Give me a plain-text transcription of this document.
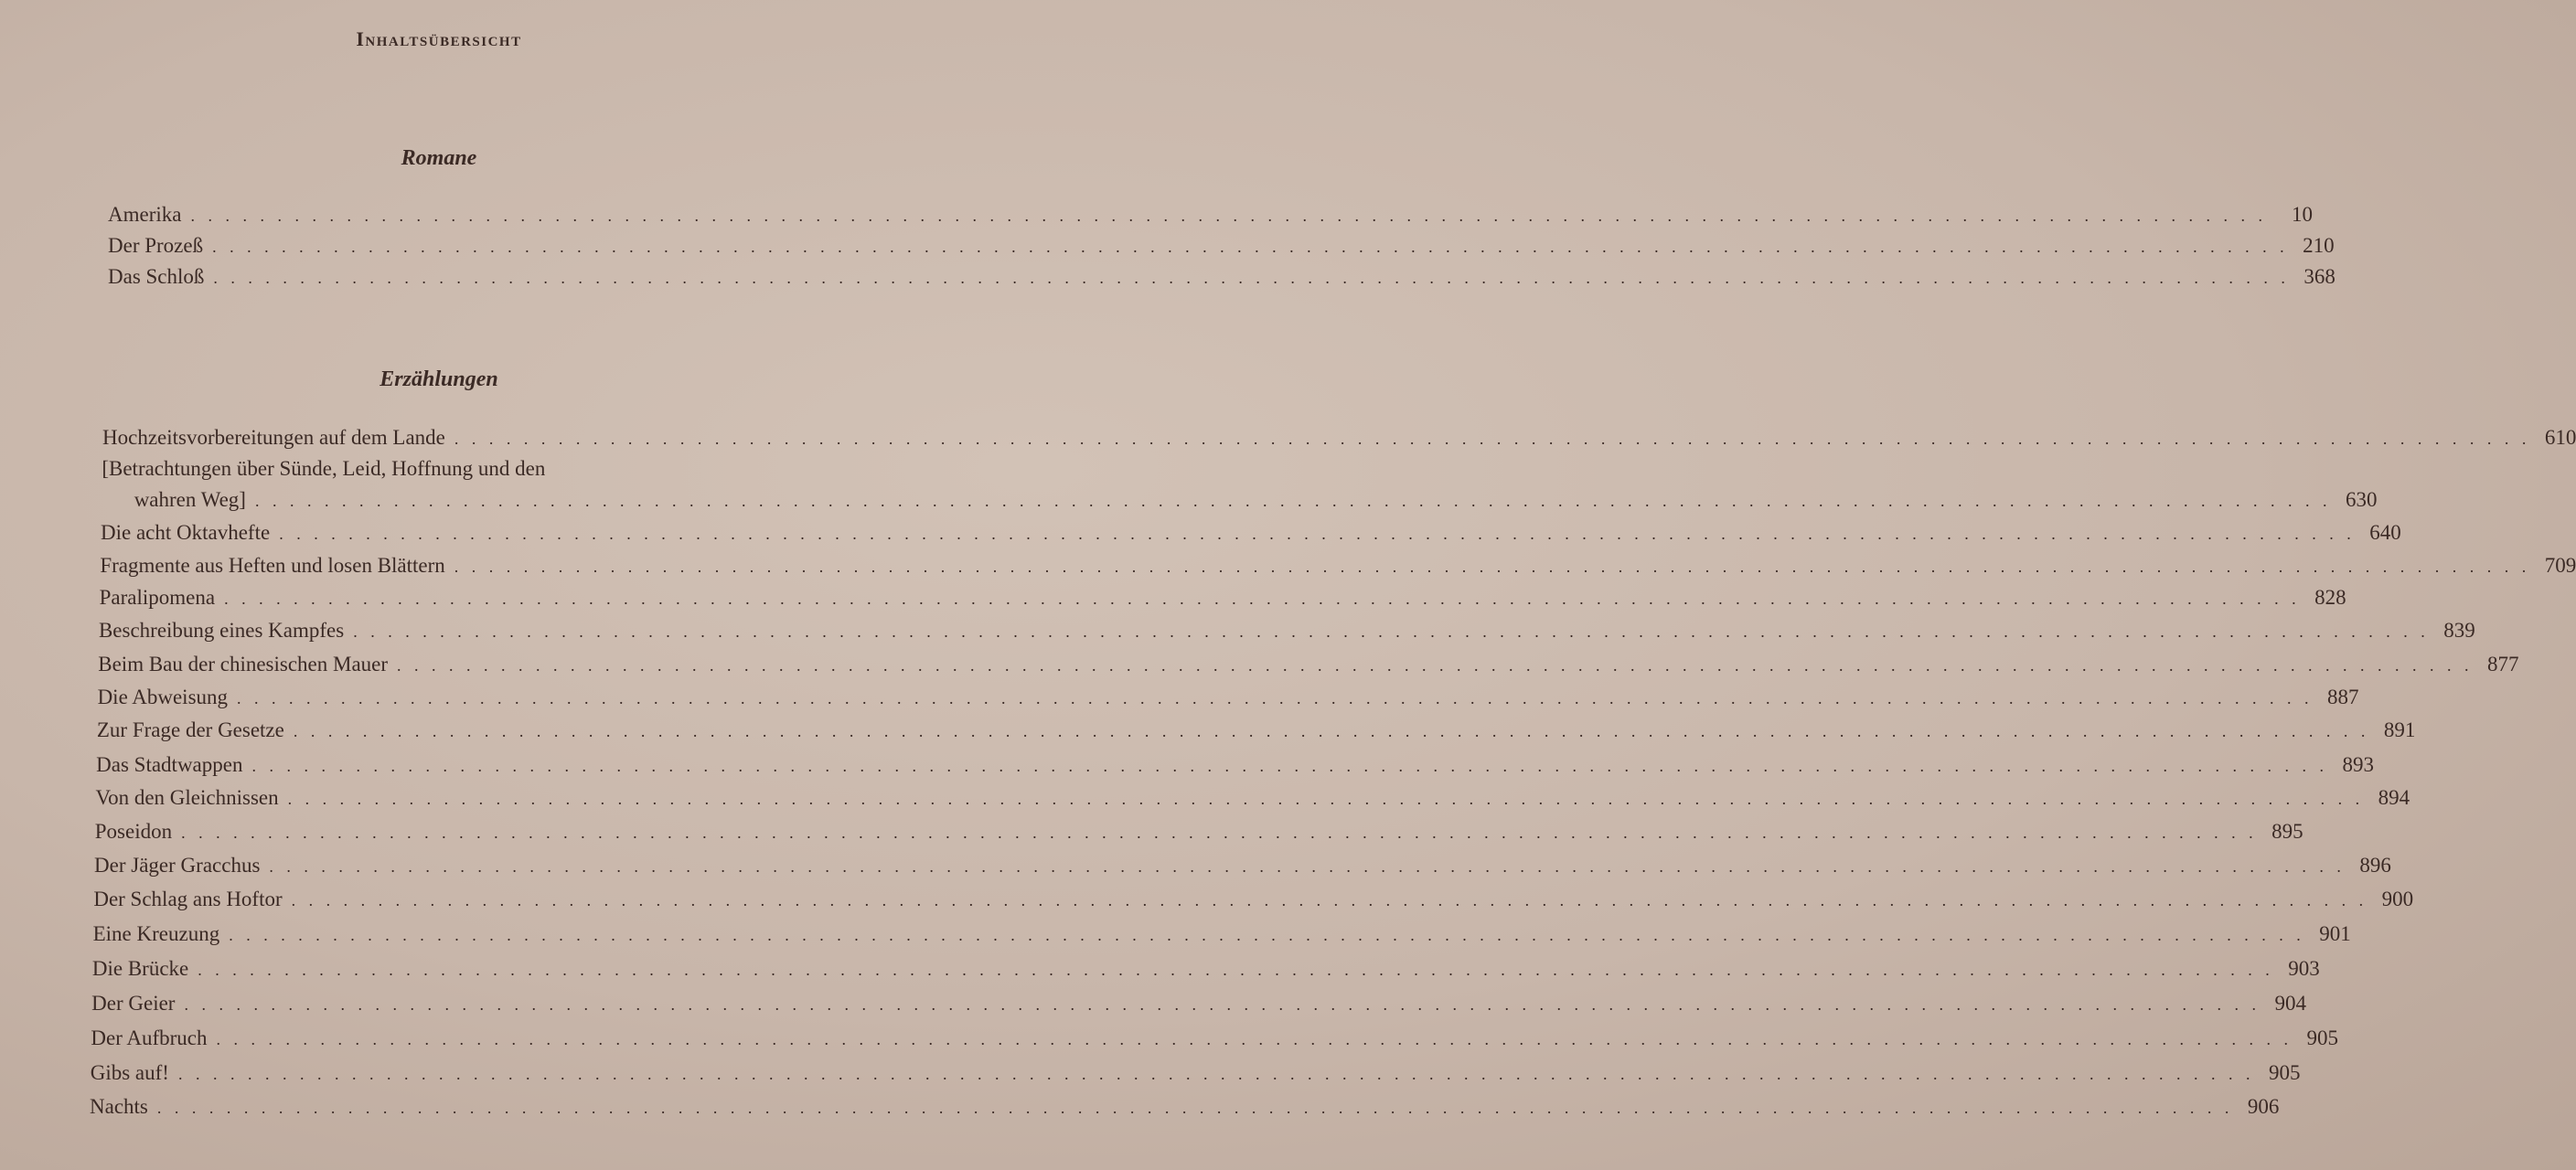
Inhaltsübersicht
Romane
Erzählungen
Amerika . . . . . . . . . . . . . . . . . . . . . . . . . . . . . . . . . . . . . . . . . . . . . . . . . . . . . . . . . . . . . . . . . . . . . . . . . . . . . . . . . . . . . . . . . . . . . . . . . . . . . . . . . . . . . . . . . . . . . . . .	10
Der Prozeß . . . . . . . . . . . . . . . . . . . . . . . . . . . . . . . . . . . . . . . . . . . . . . . . . . . . . . . . . . . . . . . . . . . . . . . . . . . . . . . . . . . . . . . . . . . . . . . . . . . . . . . . . . . . . . . . . . . . . . . . 210
Das Schloß . . . . . . . . . . . . . . . . . . . . . . . . . . . . . . . . . . . . . . . . . . . . . . . . . . . . . . . . . . . . . . . . . . . . . . . . . . . . . . . . . . . . . . . . . . . . . . . . . . . . . . . . . . . . . . . . . . . . . . . . 368
Hochzeitsvorbereitungen auf dem Lande . . . . . . . . . . . . . . . . . . . . . . . . . . . . . . . . . . . . . . . . . . . . . . . . . . . . . . . . . . . . . . . . . . . . . . . . . . . . . . . . . . . . . . . . . . . . . . . . . . . . . . . . . . . . . . . . . . . . . . . . 610
[Betrachtungen über Sünde, Leid, Hoffnung und den
wahren Weg] . . . . . . . . . . . . . . . . . . . . . . . . . . . . . . . . . . . . . . . . . . . . . . . . . . . . . . . . . . . . . . . . . . . . . . . . . . . . . . . . . . . . . . . . . . . . . . . . . . . . . . . . . . . . . . . . . . . . . . . . 630
Die acht Oktavhefte . . . . . . . . . . . . . . . . . . . . . . . . . . . . . . . . . . . . . . . . . . . . . . . . . . . . . . . . . . . . . . . . . . . . . . . . . . . . . . . . . . . . . . . . . . . . . . . . . . . . . . . . . . . . . . . . . . . . . . . . 640
Fragmente aus Heften und losen Blättern . . . . . . . . . . . . . . . . . . . . . . . . . . . . . . . . . . . . . . . . . . . . . . . . . . . . . . . . . . . . . . . . . . . . . . . . . . . . . . . . . . . . . . . . . . . . . . . . . . . . . . . . . . . . . . . . . . . . . . . . 709
Paralipomena . . . . . . . . . . . . . . . . . . . . . . . . . . . . . . . . . . . . . . . . . . . . . . . . . . . . . . . . . . . . . . . . . . . . . . . . . . . . . . . . . . . . . . . . . . . . . . . . . . . . . . . . . . . . . . . . . . . . . . . . 828
Beschreibung eines Kampfes . . . . . . . . . . . . . . . . . . . . . . . . . . . . . . . . . . . . . . . . . . . . . . . . . . . . . . . . . . . . . . . . . . . . . . . . . . . . . . . . . . . . . . . . . . . . . . . . . . . . . . . . . . . . . . . . . . . . . . . . 839
Beim Bau der chinesischen Mauer . . . . . . . . . . . . . . . . . . . . . . . . . . . . . . . . . . . . . . . . . . . . . . . . . . . . . . . . . . . . . . . . . . . . . . . . . . . . . . . . . . . . . . . . . . . . . . . . . . . . . . . . . . . . . . . . . . . . . . . . 877
Die Abweisung . . . . . . . . . . . . . . . . . . . . . . . . . . . . . . . . . . . . . . . . . . . . . . . . . . . . . . . . . . . . . . . . . . . . . . . . . . . . . . . . . . . . . . . . . . . . . . . . . . . . . . . . . . . . . . . . . . . . . . . . 887
Zur Frage der Gesetze . . . . . . . . . . . . . . . . . . . . . . . . . . . . . . . . . . . . . . . . . . . . . . . . . . . . . . . . . . . . . . . . . . . . . . . . . . . . . . . . . . . . . . . . . . . . . . . . . . . . . . . . . . . . . . . . . . . . . . . . 891
Das Stadtwappen . . . . . . . . . . . . . . . . . . . . . . . . . . . . . . . . . . . . . . . . . . . . . . . . . . . . . . . . . . . . . . . . . . . . . . . . . . . . . . . . . . . . . . . . . . . . . . . . . . . . . . . . . . . . . . . . . . . . . . . . 893
Von den Gleichnissen . . . . . . . . . . . . . . . . . . . . . . . . . . . . . . . . . . . . . . . . . . . . . . . . . . . . . . . . . . . . . . . . . . . . . . . . . . . . . . . . . . . . . . . . . . . . . . . . . . . . . . . . . . . . . . . . . . . . . . . . 894
Poseidon . . . . . . . . . . . . . . . . . . . . . . . . . . . . . . . . . . . . . . . . . . . . . . . . . . . . . . . . . . . . . . . . . . . . . . . . . . . . . . . . . . . . . . . . . . . . . . . . . . . . . . . . . . . . . . . . . . . . . . . . 895
Der Jäger Gracchus . . . . . . . . . . . . . . . . . . . . . . . . . . . . . . . . . . . . . . . . . . . . . . . . . . . . . . . . . . . . . . . . . . . . . . . . . . . . . . . . . . . . . . . . . . . . . . . . . . . . . . . . . . . . . . . . . . . . . . . . 896
Der Schlag ans Hoftor . . . . . . . . . . . . . . . . . . . . . . . . . . . . . . . . . . . . . . . . . . . . . . . . . . . . . . . . . . . . . . . . . . . . . . . . . . . . . . . . . . . . . . . . . . . . . . . . . . . . . . . . . . . . . . . . . . . . . . . . 900
Eine Kreuzung . . . . . . . . . . . . . . . . . . . . . . . . . . . . . . . . . . . . . . . . . . . . . . . . . . . . . . . . . . . . . . . . . . . . . . . . . . . . . . . . . . . . . . . . . . . . . . . . . . . . . . . . . . . . . . . . . . . . . . . . 901
Die Brücke . . . . . . . . . . . . . . . . . . . . . . . . . . . . . . . . . . . . . . . . . . . . . . . . . . . . . . . . . . . . . . . . . . . . . . . . . . . . . . . . . . . . . . . . . . . . . . . . . . . . . . . . . . . . . . . . . . . . . . . . 903
Der Geier . . . . . . . . . . . . . . . . . . . . . . . . . . . . . . . . . . . . . . . . . . . . . . . . . . . . . . . . . . . . . . . . . . . . . . . . . . . . . . . . . . . . . . . . . . . . . . . . . . . . . . . . . . . . . . . . . . . . . . . . 904
Der Aufbruch . . . . . . . . . . . . . . . . . . . . . . . . . . . . . . . . . . . . . . . . . . . . . . . . . . . . . . . . . . . . . . . . . . . . . . . . . . . . . . . . . . . . . . . . . . . . . . . . . . . . . . . . . . . . . . . . . . . . . . . . 905
Gibs auf! . . . . . . . . . . . . . . . . . . . . . . . . . . . . . . . . . . . . . . . . . . . . . . . . . . . . . . . . . . . . . . . . . . . . . . . . . . . . . . . . . . . . . . . . . . . . . . . . . . . . . . . . . . . . . . . . . . . . . . . . 905
Nachts . . . . . . . . . . . . . . . . . . . . . . . . . . . . . . . . . . . . . . . . . . . . . . . . . . . . . . . . . . . . . . . . . . . . . . . . . . . . . . . . . . . . . . . . . . . . . . . . . . . . . . . . . . . . . . . . . . . . . . . . 906
